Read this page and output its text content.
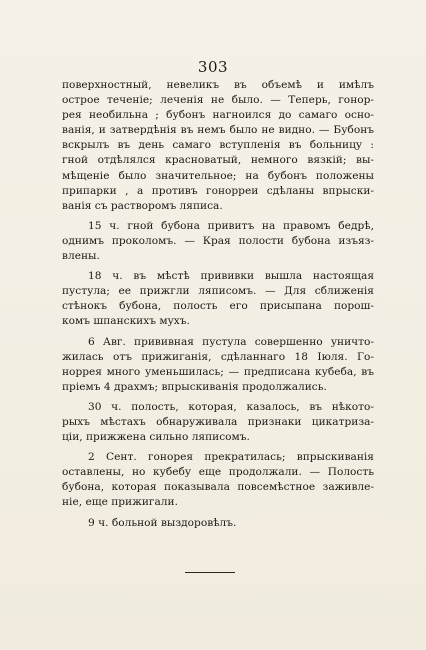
303
поверхностный, невеликъ въ объемѣ и имѣлъ
острое теченіе; леченія не было. — Теперь, гонор-
рея необильна ; бубонъ нагноился до самаго осно-
ванія, и затвердѣнія въ немъ было не видно. — Бубонъ
вскрылъ въ день самаго вступленія въ больницу :
гной отдѣлялся красноватый, немного вязкій; вы-
мѣщеніе было значительное; на бубонъ положены
припарки , а противъ гонорреи сдѣланы впрыски-
ванія съ растворомъ ляписа.
15 ч. гной бубона привитъ на правомъ бедрѣ,
однимъ проколомъ. — Края полости бубона изъяз-
влены.
18 ч. въ мѣстѣ прививки вышла настоящая
пустула; ее прижгли ляписомъ. — Для сближенія
стѣнокъ бубона, полость его присыпана порош-
комъ шпанскихъ мухъ.
6 Авг. прививная пустула совершенно уничто-
жилась отъ прижиганія, сдѣланнаго 18 Іюля. Го-
норрея много уменьшилась; — предписана кубеба, въ
пріемъ 4 драхмъ; впрыскиванія продолжались.
30 ч. полость, которая, казалось, въ нѣкото-
рыхъ мѣстахъ обнаруживала признаки цикатриза-
ціи, прижжена сильно ляписомъ.
2 Сент. гонорея прекратилась; впрыскиванія
оставлены, но кубебу еще продолжали. — Полость
бубона, которая показывала повсемѣстное заживле-
ніе, еще прижигали.
9 ч. больной выздоровѣлъ.
